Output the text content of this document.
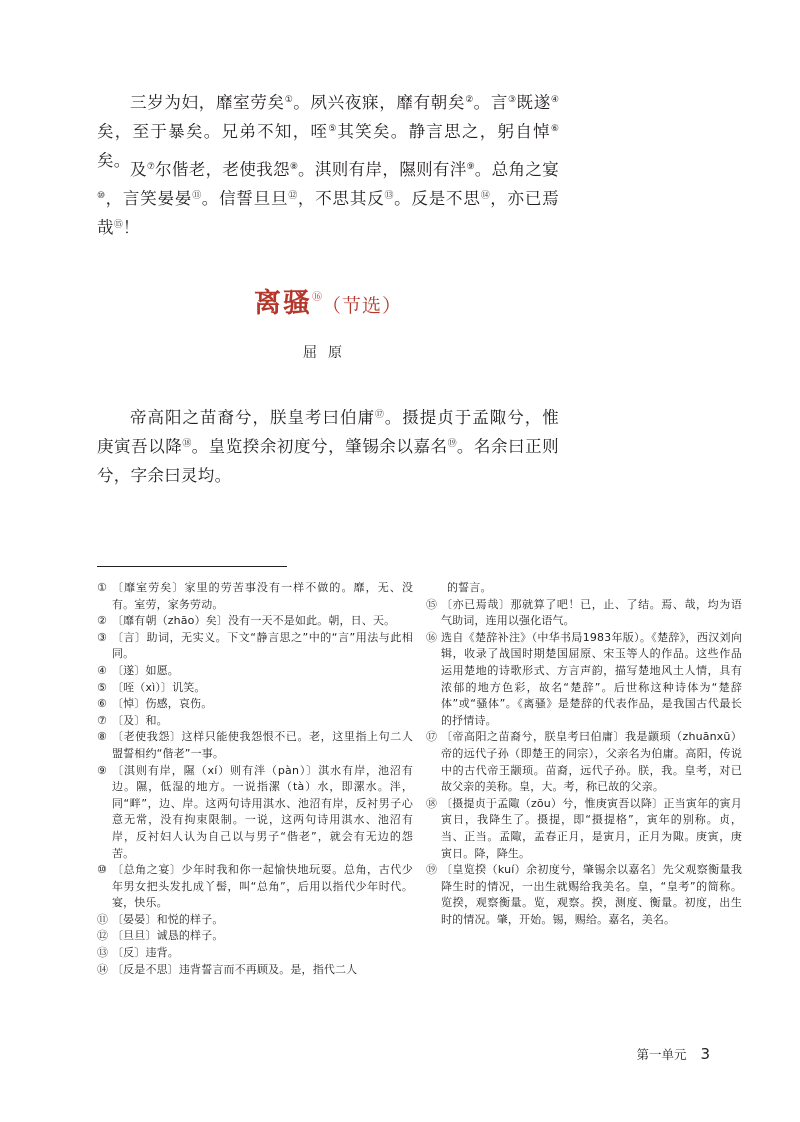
三岁为妇，靡室劳矣①。夙兴夜寐，靡有朝矣②。言③既遂④矣，至于暴矣。兄弟不知，咥⑤其笑矣。静言思之，躬自悼⑥矣。 及⑦尔偕老，老使我怨⑧。淇则有岸，隰则有泮⑨。总角之宴⑩，言笑晏晏⑪。信誓旦旦⑫，不思其反⑬。反是不思⑭，亦已焉哉⑮！

离骚⑯（节选）
屈原

帝高阳之苗裔兮，朕皇考曰伯庸⑰。摄提贞于孟陬兮，惟庚寅吾以降⑱。皇览揆余初度兮，肇锡余以嘉名⑲。名余曰正则兮，字余曰灵均。

① 〔靡室劳矣〕家里的劳苦事没有一样不做的。靡，无、没有。室劳，家务劳动。
② 〔靡有朝（zhāo）矣〕没有一天不是如此。朝，日、天。
③ 〔言〕助词，无实义。下文“静言思之”中的“言”用法与此相同。
④ 〔遂〕如愿。
⑤ 〔咥（xì）〕讥笑。
⑥ 〔悼〕伤感，哀伤。
⑦ 〔及〕和。
⑧ 〔老使我怨〕这样只能使我怨恨不已。老，这里指上句二人盟誓相约“偕老”一事。
⑨ 〔淇则有岸，隰（xí）则有泮（pàn）〕淇水有岸，池沼有边。隰，低湿的地方。一说指漯（tà）水，即漯水。泮，同“畔”，边、岸。这两句诗用淇水、池沼有岸，反衬男子心意无常，没有拘束限制。一说，这两句诗用淇水、池沼有岸，反衬妇人认为自己以与男子“偕老”，就会有无边的怨苦。
⑩ 〔总角之宴〕少年时我和你一起愉快地玩耍。总角，古代少年男女把头发扎成丫髻，叫“总角”，后用以指代少年时代。宴，快乐。
⑪ 〔晏晏〕和悦的样子。
⑫ 〔旦旦〕诚恳的样子。
⑬ 〔反〕违背。
⑭ 〔反是不思〕违背誓言而不再顾及。是，指代二人
的誓言。
⑮ 〔亦已焉哉〕那就算了吧！已，止、了结。焉、哉，均为语气助词，连用以强化语气。
⑯ 选自《楚辞补注》（中华书局1983年版）。《楚辞》，西汉刘向辑，收录了战国时期楚国屈原、宋玉等人的作品。这些作品运用楚地的诗歌形式、方言声韵，描写楚地风土人情，具有浓郁的地方色彩，故名“楚辞”。后世称这种诗体为“楚辞体”或“骚体”。《离骚》是楚辞的代表作品，是我国古代最长的抒情诗。
⑰ 〔帝高阳之苗裔兮，朕皇考曰伯庸〕我是颛顼（zhuānxū）帝的远代子孙（即楚王的同宗），父亲名为伯庸。高阳，传说中的古代帝王颛顼。苗裔，远代子孙。朕，我。皇考，对已故父亲的美称。皇，大。考，称已故的父亲。
⑱ 〔摄提贞于孟陬（zōu）兮，惟庚寅吾以降〕正当寅年的寅月寅日，我降生了。摄提，即“摄提格”，寅年的别称。贞，当、正当。孟陬，孟春正月，是寅月，正月为陬。庚寅，庚寅日。降，降生。
⑲ 〔皇览揆（kuí）余初度兮，肇锡余以嘉名〕先父观察衡量我降生时的情况，一出生就赐给我美名。皇，“皇考”的简称。览揆，观察衡量。览，观察。揆，测度、衡量。初度，出生时的情况。肇，开始。锡，赐给。嘉名，美名。
第一单元 3
